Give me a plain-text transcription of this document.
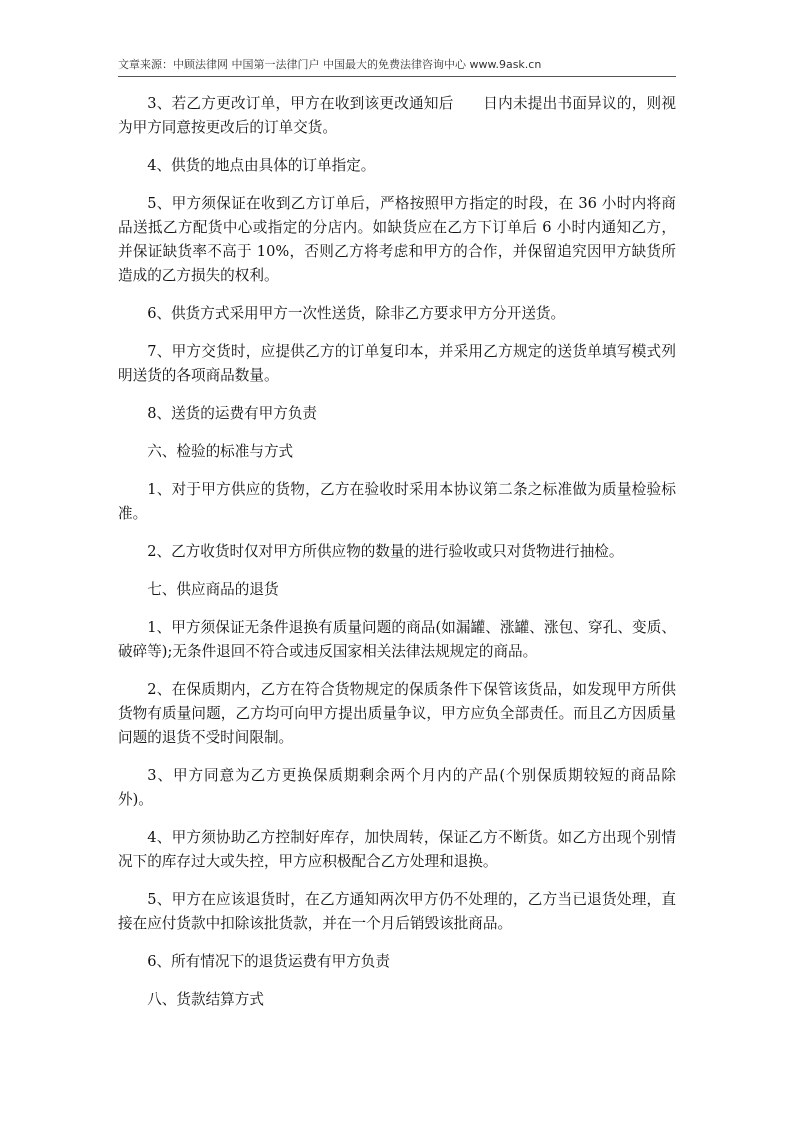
文章来源：中顾法律网 中国第一法律门户 中国最大的免费法律咨询中心 www.9ask.cn

3、若乙方更改订单，甲方在收到该更改通知后　　日内未提出书面异议的，则视为甲方同意按更改后的订单交货。

4、供货的地点由具体的订单指定。

5、甲方须保证在收到乙方订单后，严格按照甲方指定的时段，在 36 小时内将商品送抵乙方配货中心或指定的分店内。如缺货应在乙方下订单后 6 小时内通知乙方，并保证缺货率不高于 10%，否则乙方将考虑和甲方的合作，并保留追究因甲方缺货所造成的乙方损失的权利。

6、供货方式采用甲方一次性送货，除非乙方要求甲方分开送货。

7、甲方交货时，应提供乙方的订单复印本，并采用乙方规定的送货单填写模式列明送货的各项商品数量。

8、送货的运费有甲方负责

六、检验的标准与方式

1、对于甲方供应的货物，乙方在验收时采用本协议第二条之标准做为质量检验标准。

2、乙方收货时仅对甲方所供应物的数量的进行验收或只对货物进行抽检。

七、供应商品的退货

1、甲方须保证无条件退换有质量问题的商品(如漏罐、涨罐、涨包、穿孔、变质、破碎等);无条件退回不符合或违反国家相关法律法规规定的商品。

2、在保质期内，乙方在符合货物规定的保质条件下保管该货品，如发现甲方所供货物有质量问题，乙方均可向甲方提出质量争议，甲方应负全部责任。而且乙方因质量问题的退货不受时间限制。

3、甲方同意为乙方更换保质期剩余两个月内的产品(个别保质期较短的商品除外)。

4、甲方须协助乙方控制好库存，加快周转，保证乙方不断货。如乙方出现个别情况下的库存过大或失控，甲方应积极配合乙方处理和退换。

5、甲方在应该退货时，在乙方通知两次甲方仍不处理的，乙方当已退货处理，直接在应付货款中扣除该批货款，并在一个月后销毁该批商品。

6、所有情况下的退货运费有甲方负责

八、货款结算方式
